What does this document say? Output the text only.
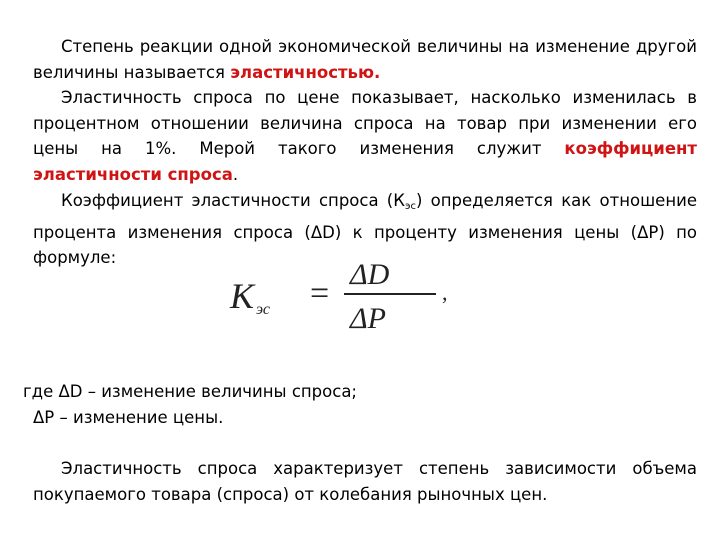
Степень реакции одной экономической величины на изменение другой величины называется эластичностью.

Эластичность спроса по цене показывает, насколько изменилась в процентном отношении величина спроса на товар при изменении его цены на 1%. Мерой такого изменения служит коэффициент эластичности спроса.

Коэффициент эластичности спроса $(К_{эс})$ определяется как отношение процента изменения спроса (ΔD) к проценту изменения цены (ΔP) по формуле:

K эс =
ΔD
ΔP
,

где ΔD – изменение величины спроса;

ΔP – изменение цены.

Эластичность спроса характеризует степень зависимости объема покупаемого товара (спроса) от колебания рыночных цен.
